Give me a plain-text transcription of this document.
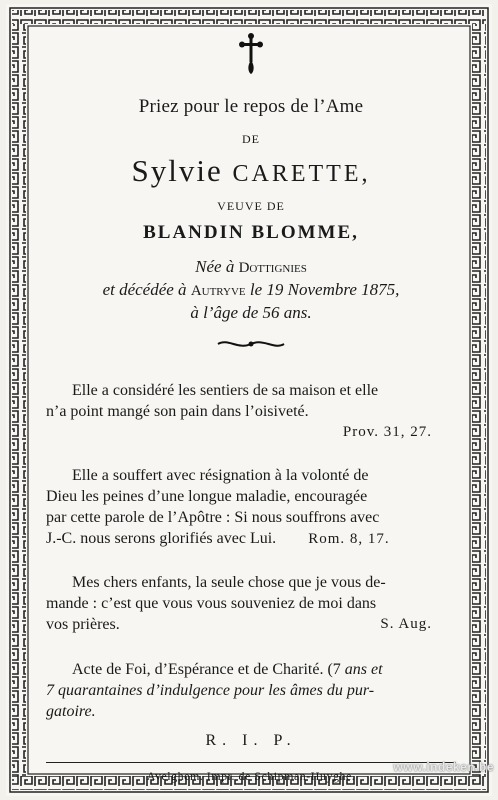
Priez pour le repos de l’Ame
DE
Sylvie CARETTE,
VEUVE DE
BLANDIN BLOMME,
Née à Dottignies
et décédée à Autryve le 19 Novembre 1875,
à l’âge de 56 ans.
Elle a considéré les sentiers de sa maison et elle
n’a point mangé son pain dans l’oisiveté.
Prov. 31, 27.
Elle a souffert avec résignation à la volonté de
Dieu les peines d’une longue maladie, encouragée
par cette parole de l’Apôtre : Si nous souffrons avec
J.-C. nous serons glorifiés avec Lui. Rom. 8, 17.
Mes chers enfants, la seule chose que je vous de-
mande : c’est que vous vous souveniez de moi dans
vos prières.	S. Aug.
Acte de Foi, d’Espérance et de Charité. (7 ans et
7 quarantaines d’indulgence pour les âmes du pur-
gatoire.
R. I. P.
Avelghem. Impr. de Schipman-Huyghe.
www.indeken.be
